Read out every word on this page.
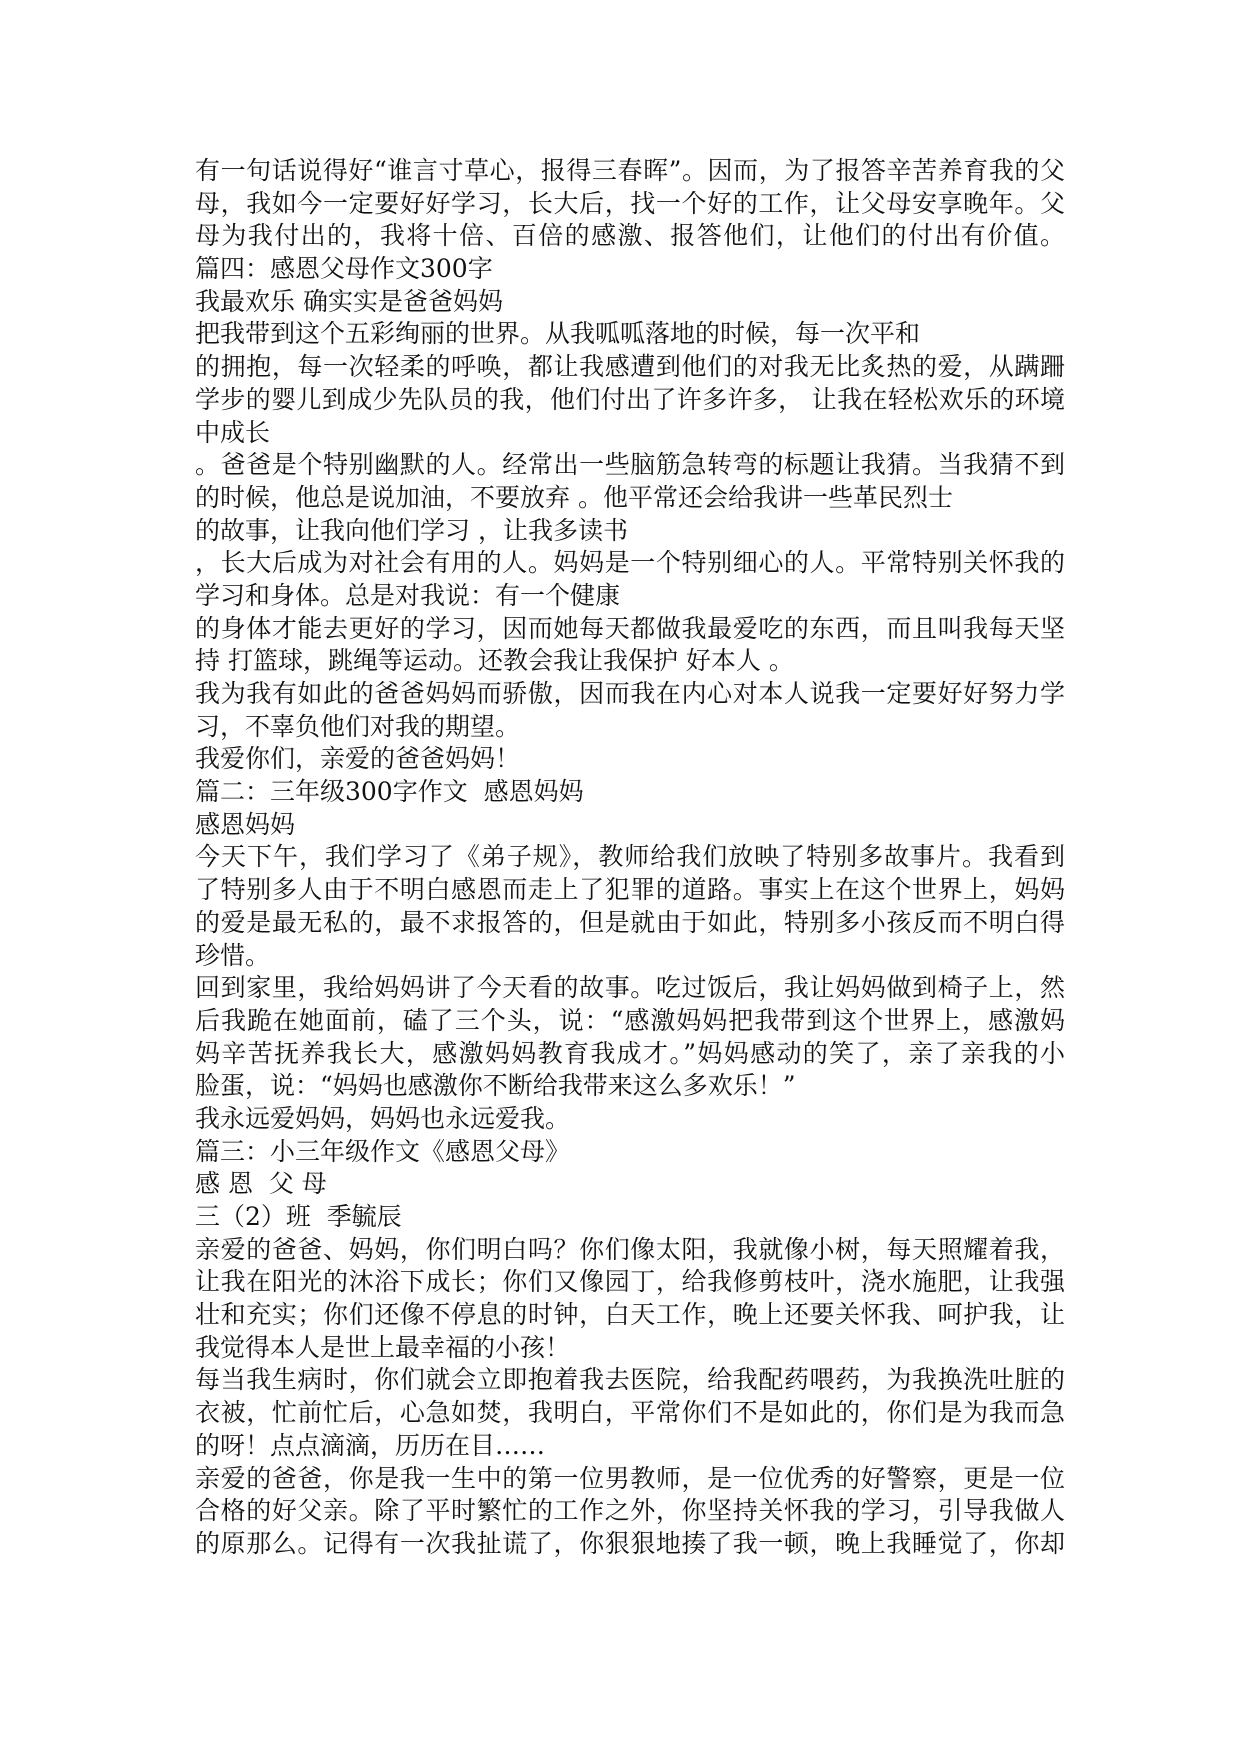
有一句话说得好“谁言寸草心，报得三春晖”。因而，为了报答辛苦养育我的父
母，我如今一定要好好学习，长大后，找一个好的工作，让父母安享晚年。父
母为我付出的，我将十倍、百倍的感激、报答他们，让他们的付出有价值。
篇四：感恩父母作文300字
我最欢乐 确实实是爸爸妈妈
把我带到这个五彩绚丽的世界。从我呱呱落地的时候，每一次平和
的拥抱，每一次轻柔的呼唤，都让我感遭到他们的对我无比炙热的爱，从蹒跚
学步的婴儿到成少先队员的我，他们付出了许多许多， 让我在轻松欢乐的环境
中成长
。爸爸是个特别幽默的人。经常出一些脑筋急转弯的标题让我猜。当我猜不到
的时候，他总是说加油，不要放弃 。他平常还会给我讲一些革民烈士
的故事，让我向他们学习 ，让我多读书
，长大后成为对社会有用的人。妈妈是一个特别细心的人。平常特别关怀我的
学习和身体。总是对我说：有一个健康
的身体才能去更好的学习，因而她每天都做我最爱吃的东西，而且叫我每天坚
持 打篮球，跳绳等运动。还教会我让我保护 好本人 。
我为我有如此的爸爸妈妈而骄傲，因而我在内心对本人说我一定要好好努力学
习，不辜负他们对我的期望。
我爱你们，亲爱的爸爸妈妈！
篇二：三年级300字作文  感恩妈妈
感恩妈妈
今天下午，我们学习了《弟子规》，教师给我们放映了特别多故事片。我看到
了特别多人由于不明白感恩而走上了犯罪的道路。事实上在这个世界上，妈妈
的爱是最无私的，最不求报答的，但是就由于如此，特别多小孩反而不明白得
珍惜。
回到家里，我给妈妈讲了今天看的故事。吃过饭后，我让妈妈做到椅子上，然
后我跪在她面前，磕了三个头，说：“感激妈妈把我带到这个世界上，感激妈
妈辛苦抚养我长大，感激妈妈教育我成才。”妈妈感动的笑了，亲了亲我的小
脸蛋，说：“妈妈也感激你不断给我带来这么多欢乐！”
我永远爱妈妈，妈妈也永远爱我。
篇三：小三年级作文《感恩父母》
感 恩  父 母
三（2）班  季毓辰
亲爱的爸爸、妈妈，你们明白吗？你们像太阳，我就像小树，每天照耀着我，
让我在阳光的沐浴下成长；你们又像园丁，给我修剪枝叶，浇水施肥，让我强
壮和充实；你们还像不停息的时钟，白天工作，晚上还要关怀我、呵护我，让
我觉得本人是世上最幸福的小孩！
每当我生病时，你们就会立即抱着我去医院，给我配药喂药，为我换洗吐脏的
衣被，忙前忙后，心急如焚，我明白，平常你们不是如此的，你们是为我而急
的呀！点点滴滴，历历在目……
亲爱的爸爸，你是我一生中的第一位男教师，是一位优秀的好警察，更是一位
合格的好父亲。除了平时繁忙的工作之外，你坚持关怀我的学习，引导我做人
的原那么。记得有一次我扯谎了，你狠狠地揍了我一顿，晚上我睡觉了，你却
